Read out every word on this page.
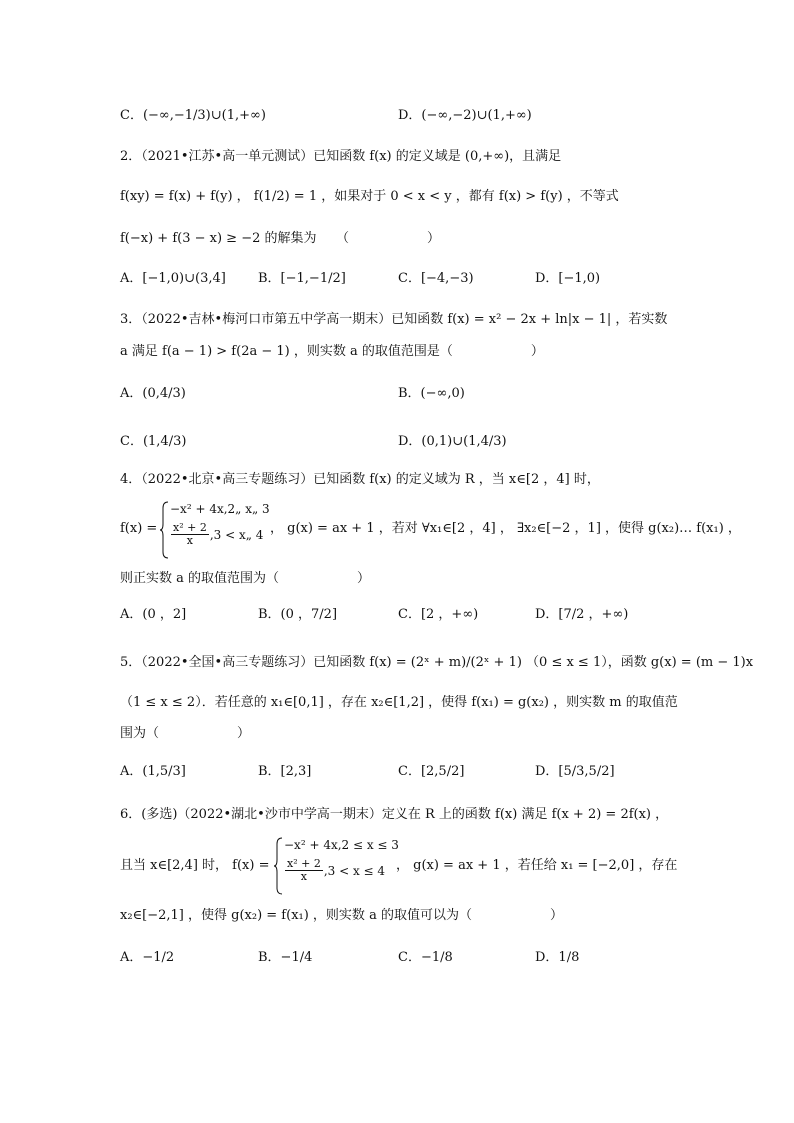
C．(−∞,−1/3)∪(1,+∞)	D．(−∞,−2)∪(1,+∞)
2．（2021•江苏•高一单元测试）已知函数 f(x) 的定义域是 (0,+∞)，且满足
f(xy) = f(x) + f(y) ， f(1/2) = 1 ，如果对于 0 < x < y ，都有 f(x) > f(y) ，不等式
f(−x) + f(3 − x) ≥ −2 的解集为　　（　　　　　　）
A．[−1,0)∪(3,4] B．[−1,−1/2]	C．[−4,−3)	D．[−1,0)
3．（2022•吉林•梅河口市第五中学高一期末）已知函数 f(x) = x² − 2x + ln|x − 1| ，若实数
a 满足 f(a − 1) > f(2a − 1) ，则实数 a 的取值范围是（　　　　　　）
A．(0,4/3)	B．(−∞,0)
C．(1,4/3)	D．(0,1)∪(1,4/3)
4．（2022•北京•高三专题练习）已知函数 f(x) 的定义域为 R ，当 x∈[2 ，4] 时，
f(x) =
−x² + 4x,2„ x„ 3
$\frac{\text{x² + 2}}{x} ,3$ < x„ 4 ， g(x) = ax + 1 ，若对 ∀x₁∈[2 ，4] ， ∃x₂∈[−2 ，1] ，使得 g(x₂)… f(x₁) ，
则正实数 a 的取值范围为（　　　　　　）
A．(0 ，2]	B．(0 ，7/2]	C．[2 ，+∞)	D．[7/2 ，+∞)
5．（2022•全国•高三专题练习）已知函数 f(x) = (2ˣ + m)/(2ˣ + 1) （0 ≤ x ≤ 1），函数 g(x) = (m − 1)x
（1 ≤ x ≤ 2）．若任意的 x₁∈[0,1] ，存在 x₂∈[1,2] ，使得 f(x₁) = g(x₂) ，则实数 m 的取值范
围为（　　　　　　）
A．(1,5/3]	B．[2,3]	C．[2,5/2]	D．[5/3,5/2]
6．(多选)（2022•湖北•沙市中学高一期末）定义在 R 上的函数 f(x) 满足 f(x + 2) = 2f(x) ，
且当 x∈[2,4] 时， f(x) =
−x² + 4x,2 ≤ x ≤ 3
$\frac{\text{x² + 2}}{x} ,3 < x \le 4$ ， g(x) = ax + 1 ，若任给 x₁ = [−2,0] ，存在
x₂∈[−2,1] ，使得 g(x₂) = f(x₁) ，则实数 a 的取值可以为（　　　　　　）
A．−1/2	B．−1/4	C．−1/8	D．1/8
